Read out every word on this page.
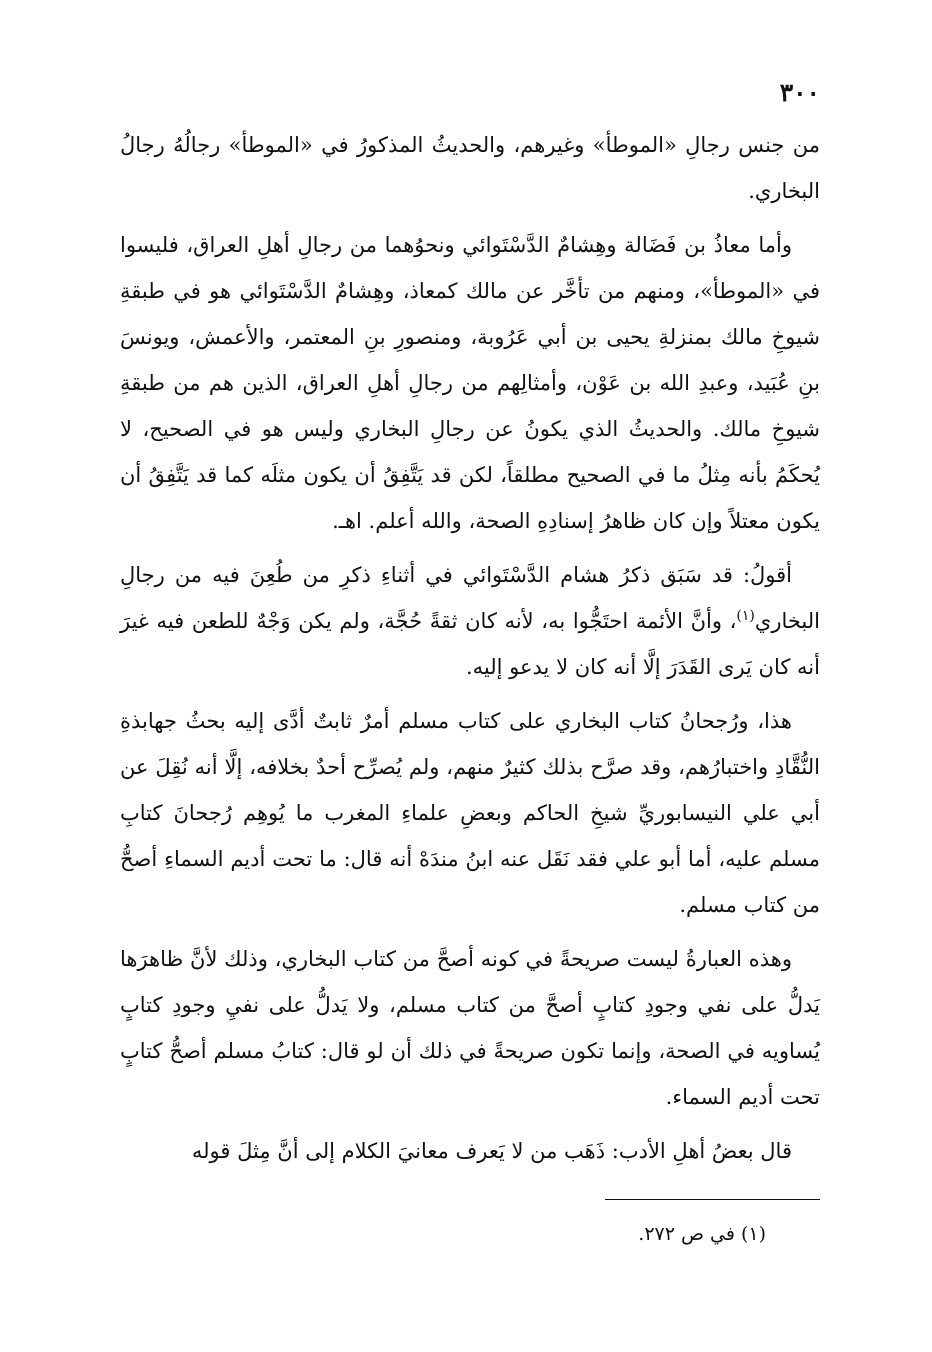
٣٠٠

من جنس رجالِ «الموطأ» وغيرهم، والحديثُ المذكورُ في «الموطأ» رجالُهُ رجالُ البخاري.

وأما معاذُ بن فَضَالة وهِشامٌ الدَّسْتَوائي ونحوُهما من رجالِ أهلِ العراق، فليسوا في «الموطأ»، ومنهم من تأخَّر عن مالك كمعاذ، وهِشامٌ الدَّسْتَوائي هو في طبقةِ شيوخِ مالك بمنزلةِ يحيى بن أبي عَرُوبة، ومنصورِ بنِ المعتمر، والأعمش، ويونسَ بنِ عُبَيد، وعبدِ الله بن عَوْن، وأمثالِهم من رجالِ أهلِ العراق، الذين هم من طبقةِ شيوخِ مالك. والحديثُ الذي يكونُ عن رجالِ البخاري وليس هو في الصحيح، لا يُحكَمُ بأنه مِثلُ ما في الصحيح مطلقاً، لكن قد يَتَّفِقُ أن يكون مثلَه كما قد يَتَّفِقُ أن يكون معتلاً وإن كان ظاهرُ إسنادِهِ الصحة، والله أعلم. اهـ.

أقولُ: قد سَبَق ذكرُ هشام الدَّسْتَوائي في أثناءِ ذكرِ من طُعِنَ فيه من رجالِ البخاري$^{(١)}$، وأنَّ الأئمة احتَجُّوا به، لأنه كان ثقةً حُجَّة، ولم يكن وَجْهٌ للطعن فيه غيرَ أنه كان يَرى القَدَرَ إلَّا أنه كان لا يدعو إليه.

هذا، ورُجحانُ كتاب البخاري على كتاب مسلم أمرٌ ثابتٌ أدَّى إليه بحثُ جهابذةِ النُّقَّادِ واختبارُهم، وقد صرَّح بذلك كثيرٌ منهم، ولم يُصرِّح أحدٌ بخلافه، إلَّا أنه نُقِلَ عن أبي علي النيسابوريِّ شيخِ الحاكم وبعضِ علماءِ المغرب ما يُوهِم رُجحانَ كتابِ مسلم عليه، أما أبو علي فقد نَقَل عنه ابنُ مندَهْ أنه قال: ما تحت أديم السماءِ أصحُّ من كتاب مسلم.

وهذه العبارةُ ليست صريحةً في كونه أصحَّ من كتاب البخاري، وذلك لأنَّ ظاهرَها يَدلُّ على نفي وجودِ كتابٍ أصحَّ من كتاب مسلم، ولا يَدلُّ على نفيِ وجودِ كتابٍ يُساويه في الصحة، وإنما تكون صريحةً في ذلك أن لو قال: كتابُ مسلم أصحُّ كتابٍ تحت أديم السماء.

قال بعضُ أهلِ الأدب: ذَهَب من لا يَعرف معانيَ الكلام إلى أنَّ مِثلَ قوله

(١) في ص ٢٧٢.
